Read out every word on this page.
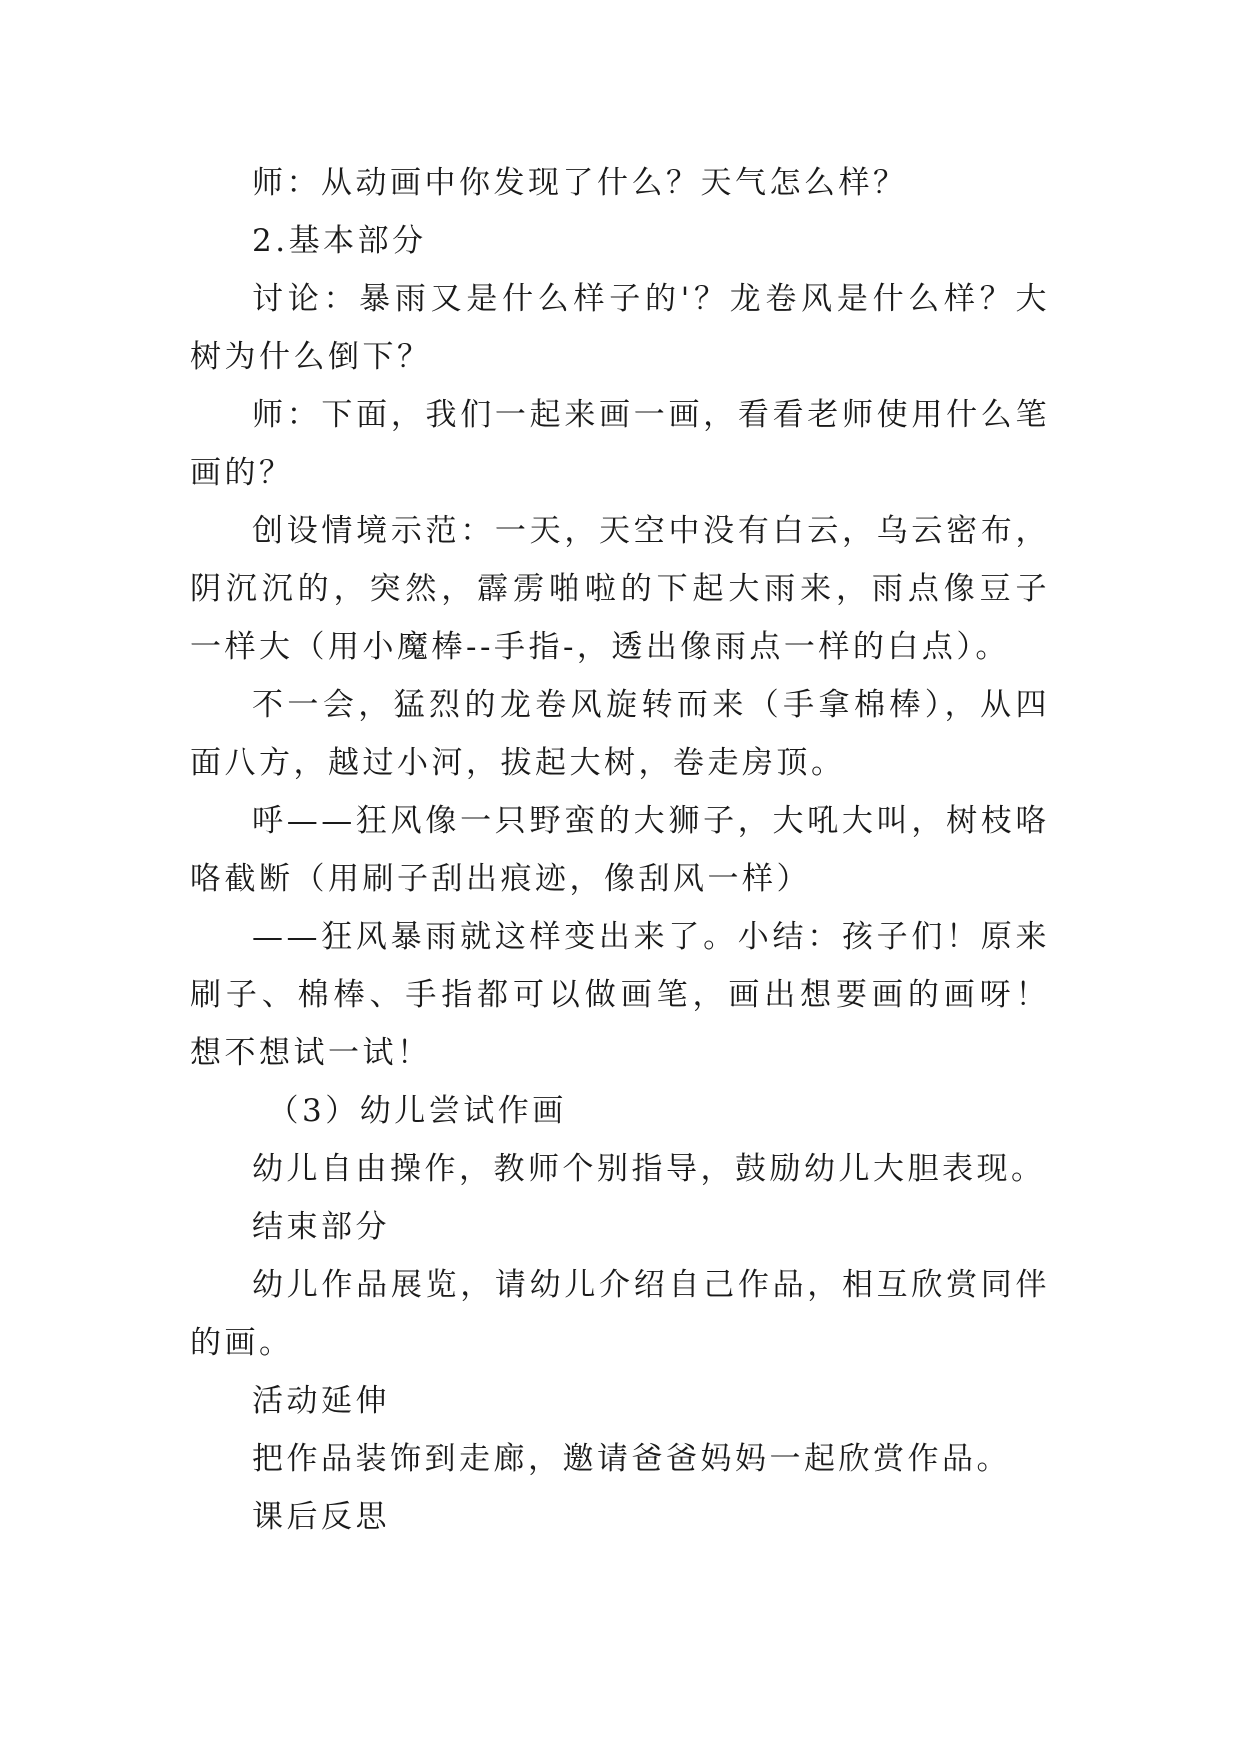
师：从动画中你发现了什么？天气怎么样？

2.基本部分

讨论：暴雨又是什么样子的'？龙卷风是什么样？大树为什么倒下？

师：下面，我们一起来画一画，看看老师使用什么笔画的？

创设情境示范：一天，天空中没有白云，乌云密布，阴沉沉的，突然，霹雳啪啦的下起大雨来，雨点像豆子一样大（用小魔棒--手指-，透出像雨点一样的白点）。

不一会，猛烈的龙卷风旋转而来（手拿棉棒），从四面八方，越过小河，拔起大树，卷走房顶。

呼——狂风像一只野蛮的大狮子，大吼大叫，树枝咯咯截断（用刷子刮出痕迹，像刮风一样）

——狂风暴雨就这样变出来了。小结：孩子们！原来刷子、棉棒、手指都可以做画笔，画出想要画的画呀！想不想试一试！

（3）幼儿尝试作画

幼儿自由操作，教师个别指导，鼓励幼儿大胆表现。

结束部分

幼儿作品展览，请幼儿介绍自己作品，相互欣赏同伴的画。

活动延伸

把作品装饰到走廊，邀请爸爸妈妈一起欣赏作品。

课后反思
